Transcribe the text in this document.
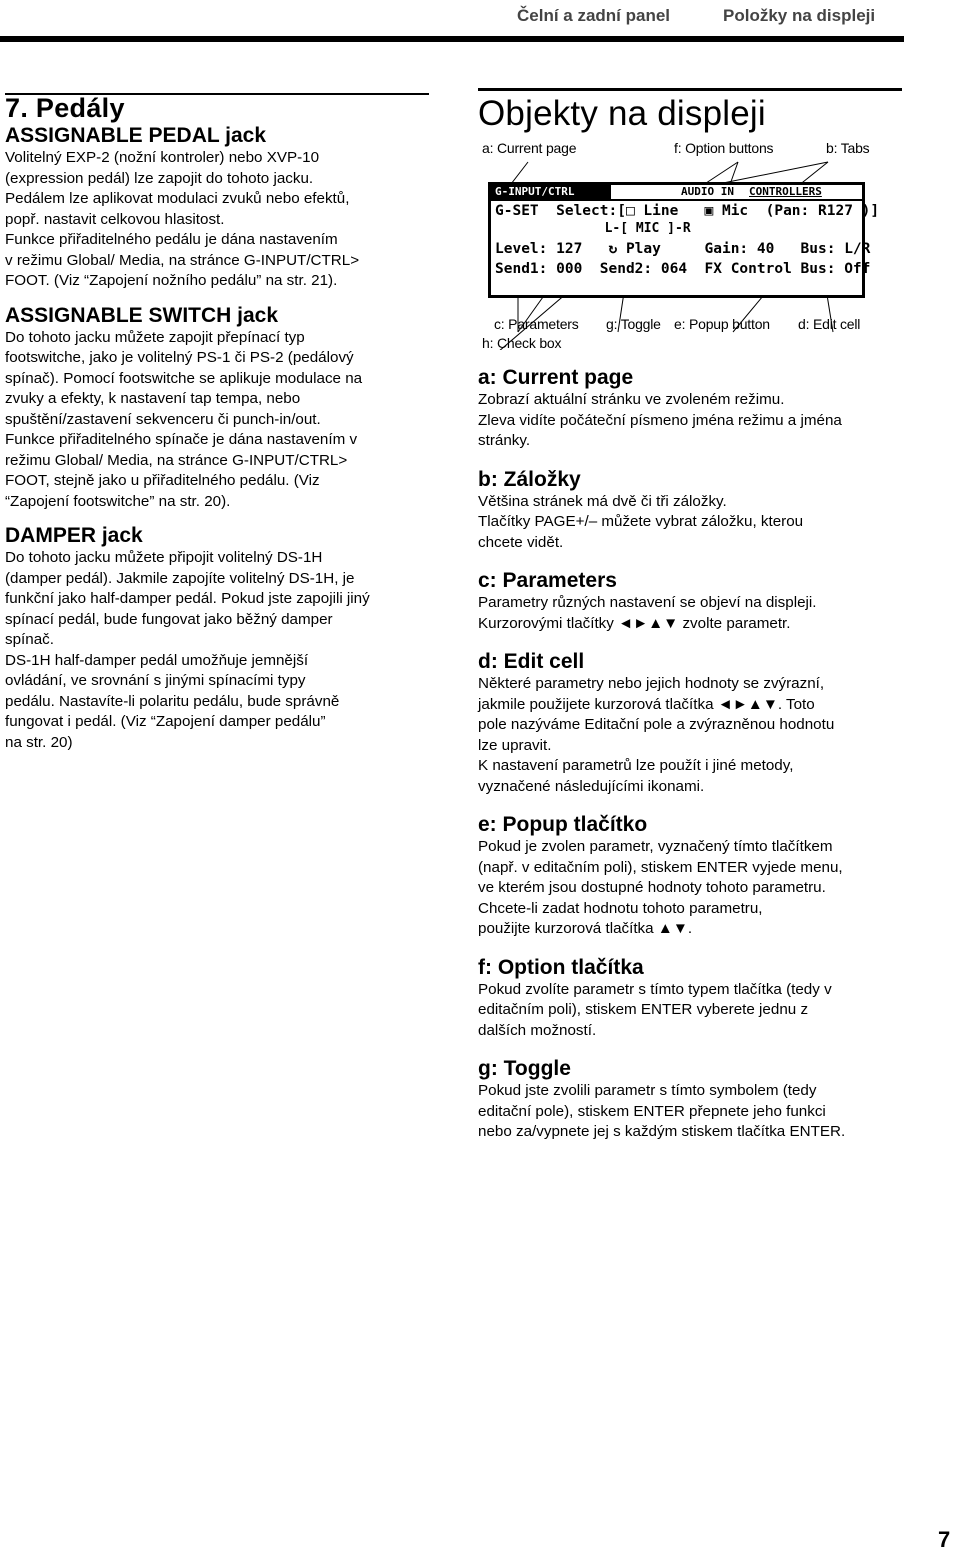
Čelní a zadní panel	Položky na displeji
7. Pedály
ASSIGNABLE PEDAL jack

Volitelný EXP-2 (nožní kontroler) nebo XVP-10
(expression pedál) lze zapojit do tohoto jacku.
Pedálem lze aplikovat modulaci zvuků nebo efektů,
popř. nastavit celkovou hlasitost.
Funkce přiřaditelného pedálu je dána nastavením
v režimu Global/ Media, na stránce G-INPUT/CTRL>
FOOT. (Viz “Zapojení nožního pedálu” na str. 21).

ASSIGNABLE SWITCH jack

Do tohoto jacku můžete zapojit přepínací typ
footswitche, jako je volitelný PS-1 či PS-2 (pedálový
spínač). Pomocí footswitche se aplikuje modulace na
zvuky a efekty, k nastavení tap tempa, nebo
spuštění/zastavení sekvenceru či punch-in/out.
Funkce přiřaditelného spínače je dána nastavením v
režimu Global/ Media, na stránce G-INPUT/CTRL>
FOOT, stejně jako u přiřaditelného pedálu. (Viz
“Zapojení footswitche” na str. 20).

DAMPER jack

Do tohoto jacku můžete připojit volitelný DS-1H
(damper pedál). Jakmile zapojíte volitelný DS-1H, je
funkční jako half-damper pedál. Pokud jste zapojili jiný
spínací pedál, bude fungovat jako běžný damper
spínač.
DS-1H half-damper pedál umožňuje jemnější
ovládání, ve srovnání s jinými spínacími typy
pedálu. Nastavíte-li polaritu pedálu, bude správně
fungovat i pedál. (Viz “Zapojení damper pedálu”
na str. 20)

Objekty na displeji
a: Current page	f: Option buttons	b: Tabs
G-INPUT/CTRL	AUDIO IN CONTROLLERS
G-SET  Select:[□ Line   ▣ Mic  (Pan: R127 )]
L-[ MIC ]-R
Level: 127   ↻ Play     Gain: 40   Bus: L/R
Send1: 000  Send2: 064  FX Control Bus: Off
c: Parameters g: Toggle e: Popup button d: Edit cell
h: Check box
a: Current page

Zobrazí aktuální stránku ve zvoleném režimu.
Zleva vidíte počáteční písmeno jména režimu a jména
stránky.

b: Záložky

Většina stránek má dvě či tři záložky.
Tlačítky PAGE+/– můžete vybrat záložku, kterou
chcete vidět.

c: Parameters

Parametry různých nastavení se objeví na displeji.
Kurzorovými tlačítky ◄►▲▼ zvolte parametr.

d: Edit cell

Některé parametry nebo jejich hodnoty se zvýrazní,
jakmile použijete kurzorová tlačítka ◄►▲▼. Toto
pole nazýváme Editační pole a zvýrazněnou hodnotu
lze upravit.
K nastavení parametrů lze použít i jiné metody,
vyznačené následujícími ikonami.

e: Popup tlačítko

Pokud je zvolen parametr, vyznačený tímto tlačítkem
(např. v editačním poli), stiskem ENTER vyjede menu,
ve kterém jsou dostupné hodnoty tohoto parametru.
Chcete-li zadat hodnotu tohoto parametru,
použijte kurzorová tlačítka ▲▼.

f: Option tlačítka

Pokud zvolíte parametr s tímto typem tlačítka (tedy v
editačním poli), stiskem ENTER vyberete jednu z
dalších možností.

g: Toggle

Pokud jste zvolili parametr s tímto symbolem (tedy
editační pole), stiskem ENTER přepnete jeho funkci
nebo za/vypnete jej s každým stiskem tlačítka ENTER.

7
